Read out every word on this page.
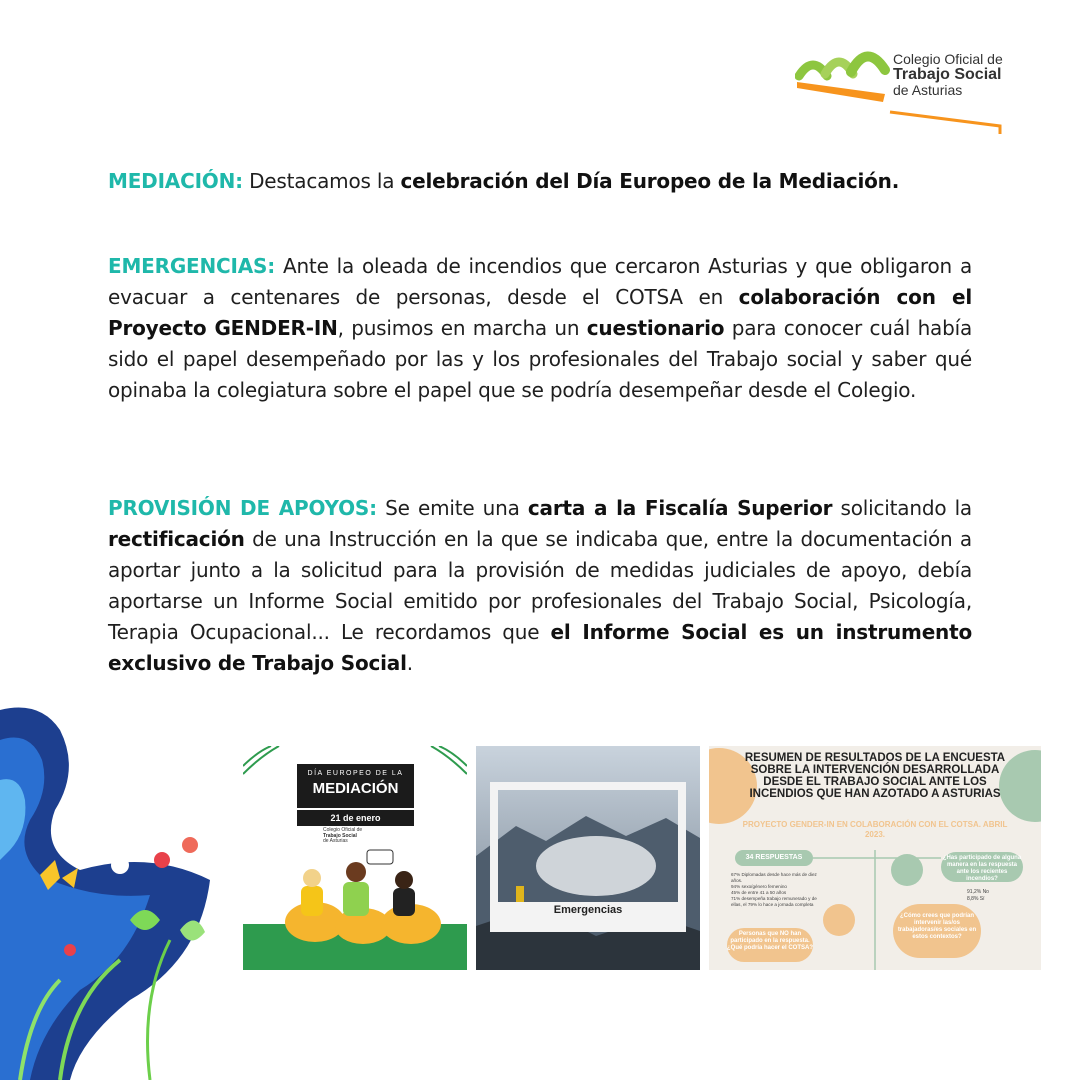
Colegio Oficial de
Trabajo Social
de Asturias
MEDIACIÓN: Destacamos la celebración del Día Europeo de la Mediación.
EMERGENCIAS: Ante la oleada de incendios que cercaron Asturias y que obligaron a evacuar a centenares de personas, desde el COTSA en colaboración con el Proyecto GENDER-IN, pusimos en marcha un cuestionario para conocer cuál había sido el papel desempeñado por las y los profesionales del Trabajo social y saber qué opinaba la colegiatura sobre el papel que se podría desempeñar desde el Colegio.
PROVISIÓN DE APOYOS: Se emite una carta a la Fiscalía Superior solicitando la rectificación de una Instrucción en la que se indicaba que, entre la documentación a aportar junto a la solicitud para la provisión de medidas judiciales de apoyo, debía aportarse un Informe Social emitido por profesionales del Trabajo Social, Psicología, Terapia Ocupacional... Le recordamos que el Informe Social es un instrumento exclusivo de Trabajo Social.
DÍA EUROPEO DE LA
MEDIACIÓN
21 de enero
Colegio Oficial de
Trabajo Social
de Asturias
Emergencias
RESUMEN DE RESULTADOS DE LA ENCUESTA SOBRE LA INTERVENCIÓN DESARROLLADA DESDE EL TRABAJO SOCIAL ANTE LOS INCENDIOS QUE HAN AZOTADO A ASTURIAS
PROYECTO GENDER-IN EN COLABORACIÓN CON EL COTSA. ABRIL 2023.
34 RESPUESTAS
67% Diplomadas desde hace más de diez años.
94% sexo/género femenino
45% de entre 41 a 50 años
71% desempeña trabajo remunerado y de ellas, el 79% lo hace a jornada completa
¿Has participado de alguna manera en las respuesta ante los recientes incendios?
91,2% No
8,8% Sí
¿Cómo crees que podrían intervenir las/os trabajadoras/es sociales en estos contextos?
Personas que NO han participado en la respuesta. ¿Qué podría hacer el COTSA?
